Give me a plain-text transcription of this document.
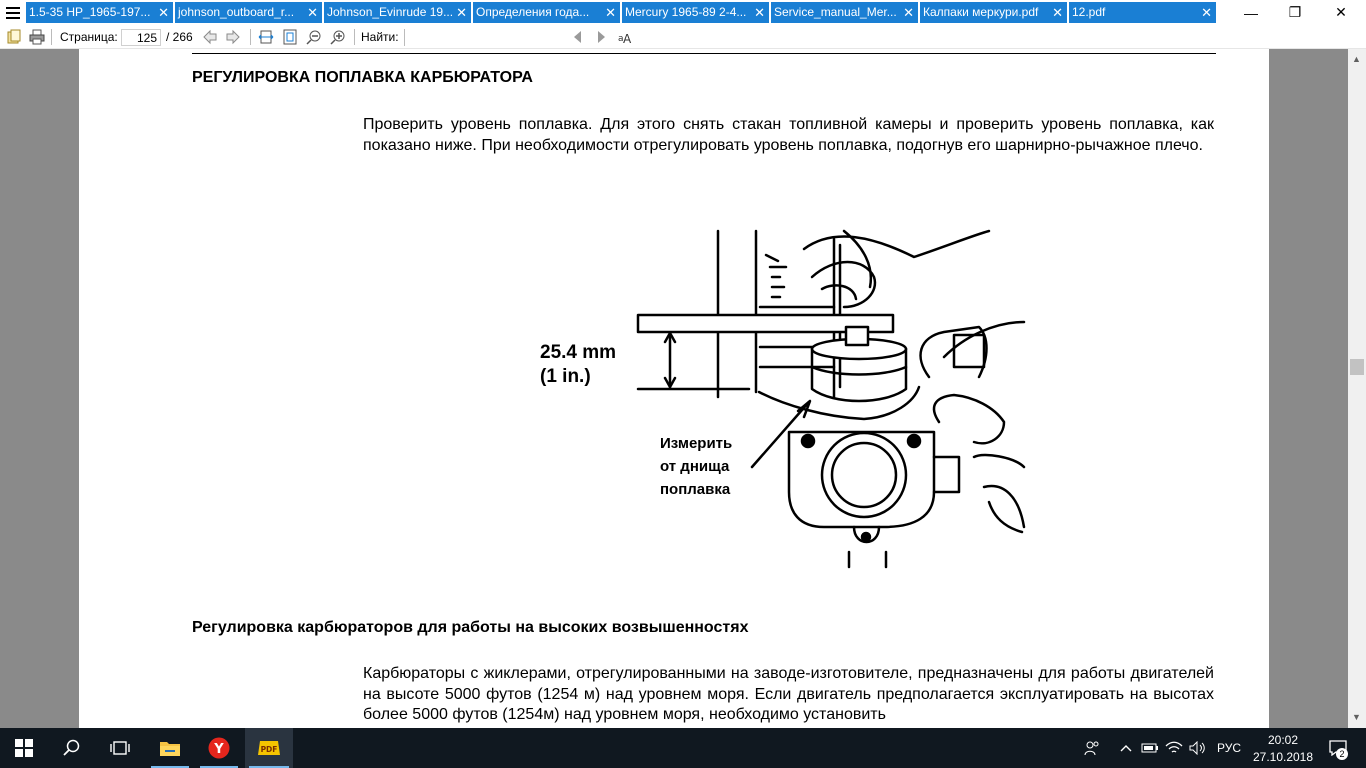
1.5-35 HP_1965-197... ✕ johnson_outboard_r... ✕ Johnson_Evinrude 19... ✕ Определения года... ✕ Mercury 1965-89 2-4... ✕ Service_manual_Mer... ✕ Калпаки меркури.pdf ✕ 12.pdf	✕	—	❐	✕
Страница:
125	/ 266	Найти:	a A
РЕГУЛИРОВКА ПОПЛАВКА КАРБЮРАТОРА
Проверить уровень поплавка. Для этого снять стакан топливной камеры и проверить уровень поплавка, как показано ниже. При необходимости отрегулировать уровень поплавка, подогнув его шарнирно-рычажное плечо.
25.4 mm
(1 in.)
Измерить
от днища
поплавка
Регулировка карбюраторов для работы на высоких возвышенностях
Карбюраторы с жиклерами, отрегулированными на заводе-изготовителе, предназначены для работы двигателей на высоте 5000 футов (1254 м) над уровнем моря. Если двигатель предполагается эксплуатировать на высотах более 5000 футов (1254м) над уровнем моря, необходимо установить
▲
▼
Y	PDF	РУС
20:02
27.10.2018	2
